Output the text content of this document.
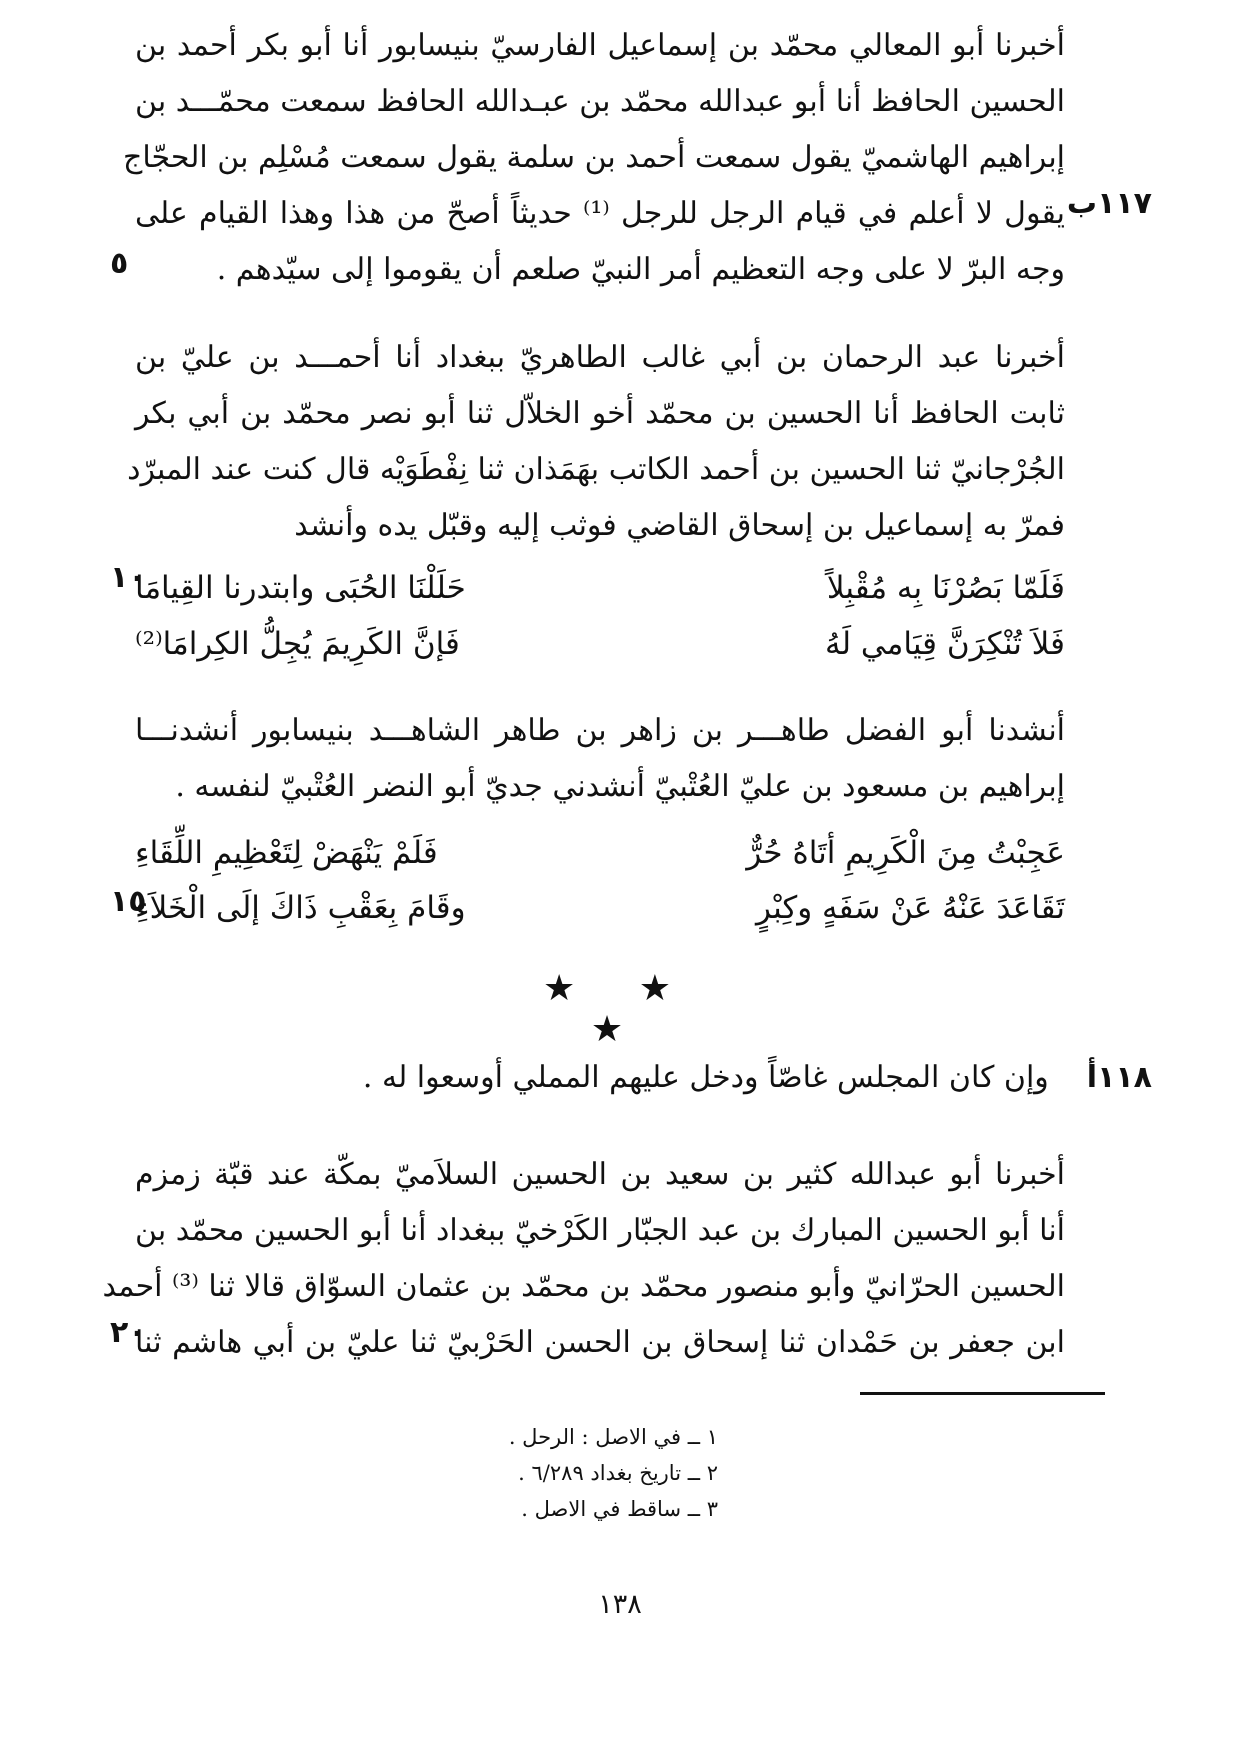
أخبرنا أبو المعالي محمّد بن إسماعيل الفارسيّ بنيسابور أنا أبو بكر أحمد بن
الحسين الحافظ أنا أبو عبدالله محمّد بن عبـدالله الحافظ سمعت محمّـــد بن
إبراهيم الهاشميّ يقول سمعت أحمد بن سلمة يقول سمعت مُسْلِم بن الحجّاج
يقول لا أعلم في قيام الرجل للرجل ⁽¹⁾ حديثاً أصحّ من هذا وهذا القيام على
وجه البرّ لا على وجه التعظيم أمر النبيّ صلعم أن يقوموا إلى سيّدهم .
١١٧ب
٥
أخبرنا عبد الرحمان بن أبي غالب الطاهريّ ببغداد أنا أحمـــد بن عليّ بن
ثابت الحافظ أنا الحسين بن محمّد أخو الخلاّل ثنا أبو نصر محمّد بن أبي بكر
الجُرْجانيّ ثنا الحسين بن أحمد الكاتب بهَمَذان ثنا نِفْطَوَيْه قال كنت عند المبرّد
فمرّ به إسماعيل بن إسحاق القاضي فوثب إليه وقبّل يده وأنشد
فَلَمّا بَصُرْنَا بِه مُقْبِلاً
حَلَلْنَا الحُبَى وابتدرنا القِيامَا
فَلاَ تُنْكِرَنَّ قِيَامي لَهُ
فَإنَّ الكَرِيمَ يُجِلُّ الكِرامَا⁽²⁾
١٠
أنشدنا أبو الفضل طاهـــر بن زاهر بن طاهر الشاهـــد بنيسابور أنشدنـــا
إبراهيم بن مسعود بن عليّ العُتْبيّ أنشدني جديّ أبو النضر العُتْبيّ لنفسه .
عَجِبْتُ مِنَ الْكَرِيمِ أتَاهُ حُرٌّ
فَلَمْ يَنْهَضْ لِتَعْظِيمِ اللِّقَاءِ
تَقَاعَدَ عَنْهُ عَنْ سَفَهٍ وكِبْرٍ
وقَامَ بِعَقْبِ ذَاكَ إلَى الْخَلاَءِ
١٥
★ ★ ★
١١٨أوإن كان المجلس غاصّاً ودخل عليهم المملي أوسعوا له .
أخبرنا أبو عبدالله كثير بن سعيد بن الحسين السلاَميّ بمكّة عند قبّة زمزم
أنا أبو الحسين المبارك بن عبد الجبّار الكَرْخيّ ببغداد أنا أبو الحسين محمّد بن
الحسين الحرّانيّ وأبو منصور محمّد بن محمّد بن عثمان السوّاق قالا ثنا ⁽³⁾ أحمد
ابن جعفر بن حَمْدان ثنا إسحاق بن الحسن الحَرْبيّ ثنا عليّ بن أبي هاشم ثنا
٢٠
١ ــ في الاصل : الرحل .
٢ ــ تاريخ بغداد ٦/٢٨٩ .
٣ ــ ساقط في الاصل .
١٣٨
